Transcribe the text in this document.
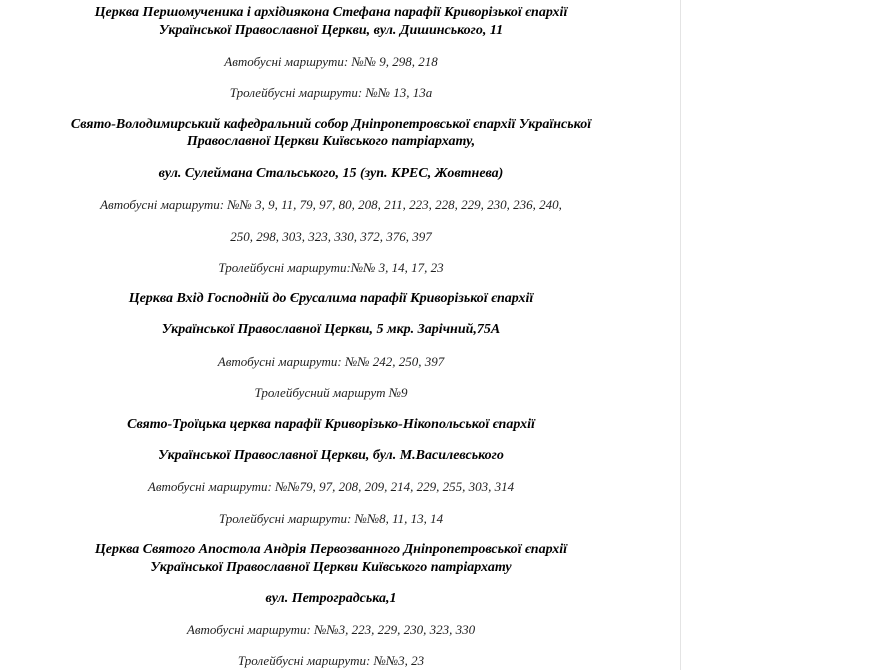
Церква Першомученика і архідиякона Стефана парафії Криворізької єпархії
Української Православної Церкви, вул. Дишинського, 11
Автобусні маршрути: №№ 9, 298, 218
Тролейбусні маршрути: №№ 13, 13а
Свято-Володимирський кафедральний собор Дніпропетровської єпархії Української
Православної Церкви Київського патріархату,
вул. Сулеймана Стальського, 15 (зуп. КРЕС, Жовтнева)
Автобусні маршрути: №№ 3, 9, 11, 79, 97, 80, 208, 211, 223, 228, 229, 230, 236, 240,
250, 298, 303, 323, 330, 372, 376, 397
Тролейбусні маршрути:№№ 3, 14, 17, 23
Церква Вхід Господній до Єрусалима парафії Криворізької єпархії
Української Православної Церкви, 5 мкр. Зарічний,75А
Автобусні маршрути: №№ 242, 250, 397
Тролейбусний маршрут №9
Свято-Троїцька церква парафії Криворізько-Нікопольської єпархії
Української Православної Церкви, бул. М.Василевського
Автобусні маршрути: №№79, 97, 208, 209, 214, 229, 255, 303, 314
Тролейбусні маршрути: №№8, 11, 13, 14
Церква Святого Апостола Андрія Первозванного Дніпропетровської єпархії
Української Православної Церкви Київського патріархату
вул. Петроградська,1
Автобусні маршрути: №№3, 223, 229, 230, 323, 330
Тролейбусні маршрути: №№3, 23
